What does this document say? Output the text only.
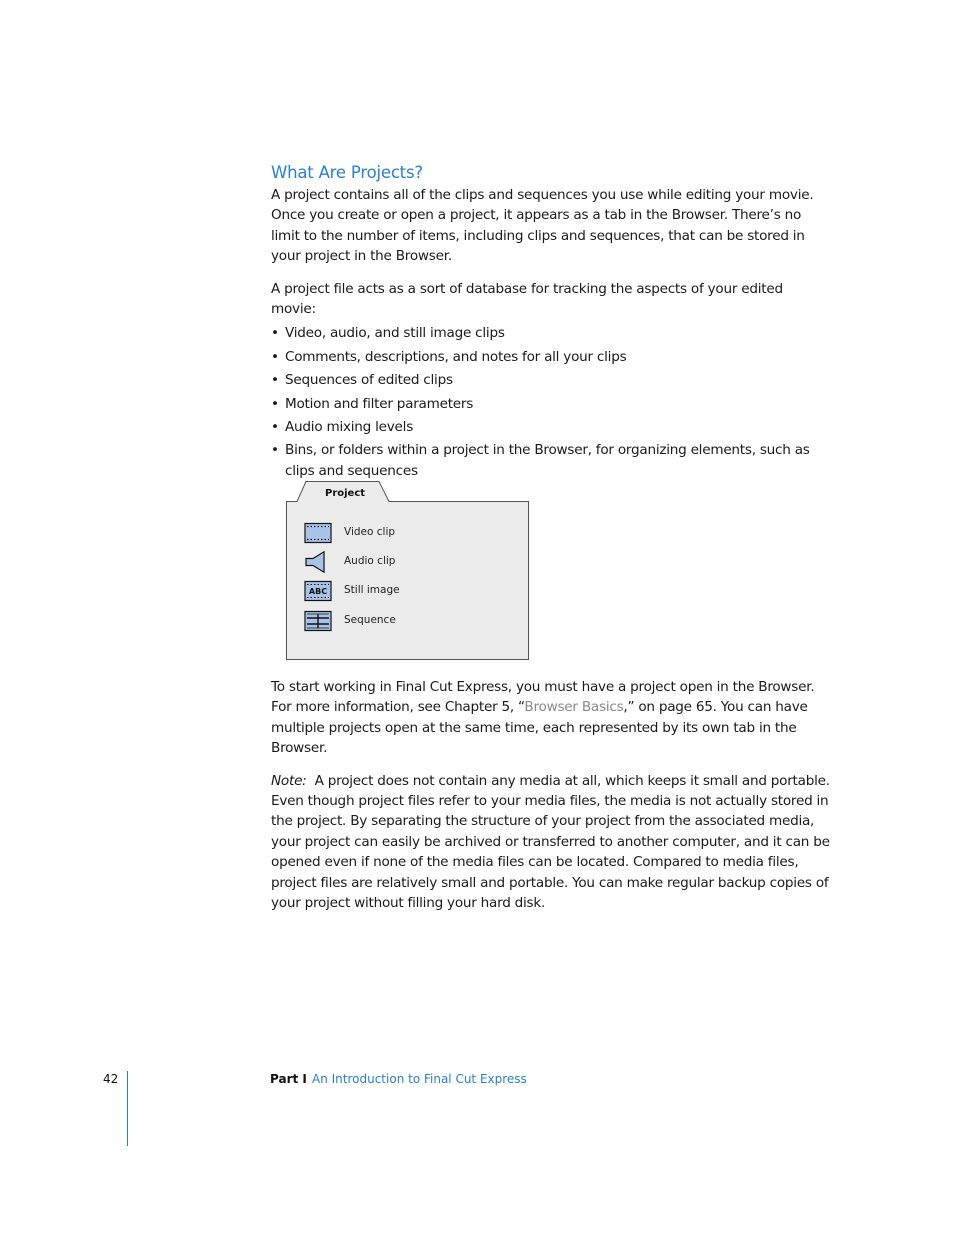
What Are Projects?

A project contains all of the clips and sequences you use while editing your movie. Once you create or open a project, it appears as a tab in the Browser. There’s no limit to the number of items, including clips and sequences, that can be stored in your project in the Browser.

A project file acts as a sort of database for tracking the aspects of your edited movie:

• Video, audio, and still image clips
• Comments, descriptions, and notes for all your clips
• Sequences of edited clips
• Motion and filter parameters
• Audio mixing levels
• Bins, or folders within a project in the Browser, for organizing elements, such as clips and sequences
Project
Video clip
Audio clip
ABC Still image
Sequence

To start working in Final Cut Express, you must have a project open in the Browser. For more information, see Chapter 5, “Browser Basics,” on page 65. You can have multiple projects open at the same time, each represented by its own tab in the Browser.

Note: A project does not contain any media at all, which keeps it small and portable. Even though project files refer to your media files, the media is not actually stored in the project. By separating the structure of your project from the associated media, your project can easily be archived or transferred to another computer, and it can be opened even if none of the media files can be located. Compared to media files, project files are relatively small and portable. You can make regular backup copies of your project without filling your hard disk.

42	Part I An Introduction to Final Cut Express
